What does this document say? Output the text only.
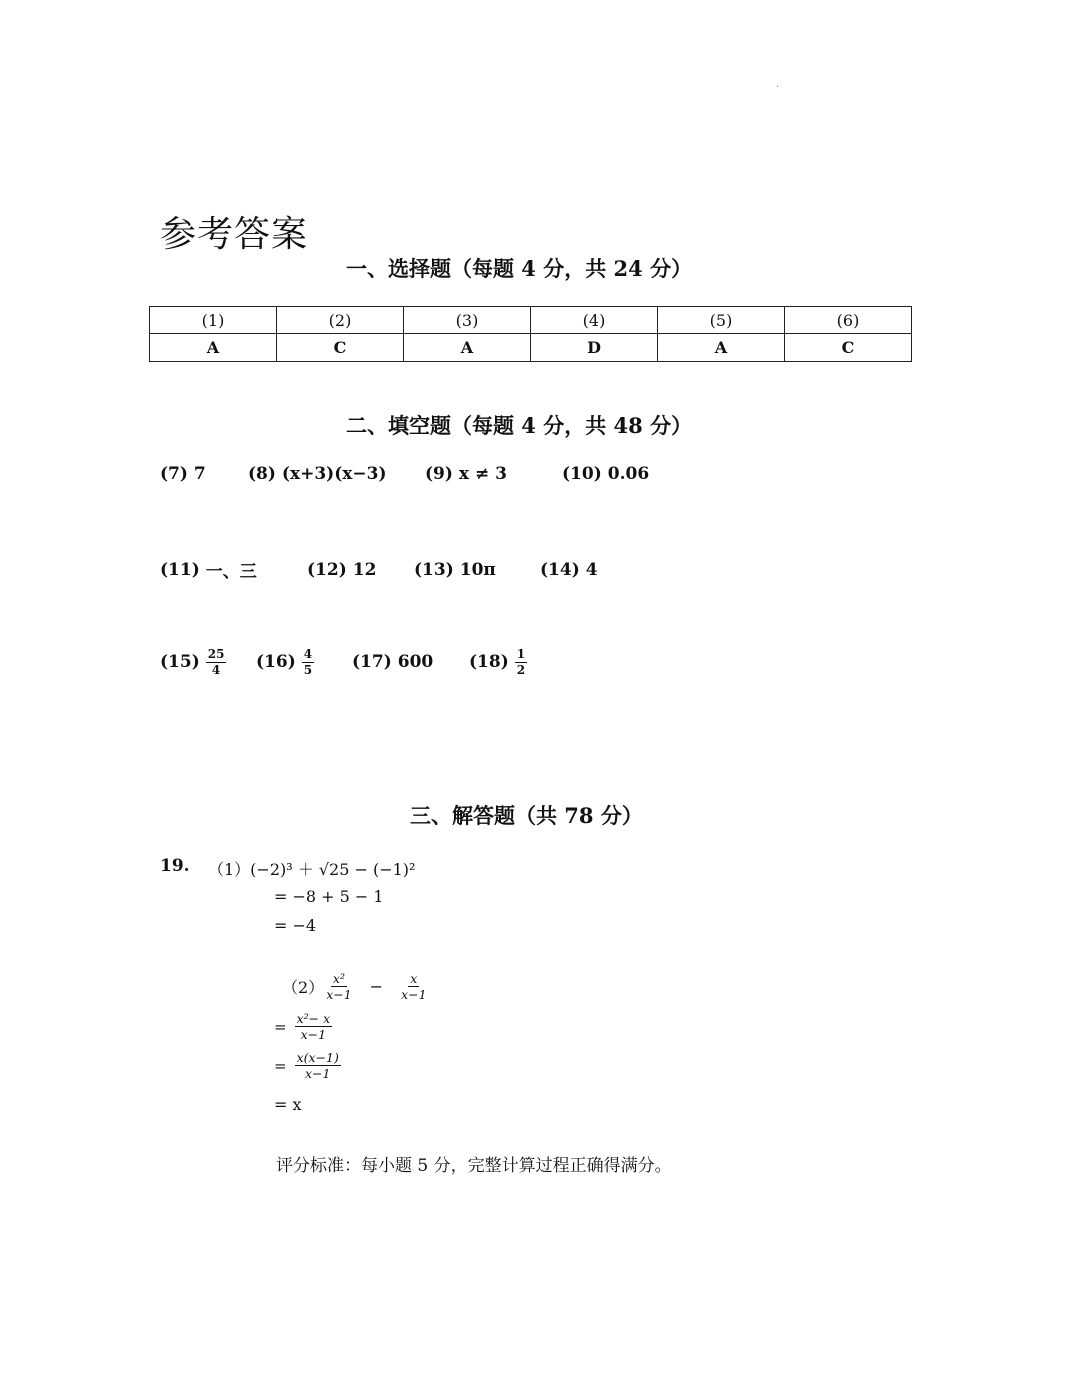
·
参考答案
一、选择题（每题 4 分，共 24 分）
(1)	(2)	(3)	(4)	(5)	(6)
A	C	A	D	A	C
二、填空题（每题 4 分，共 48 分）
(7) 7 (8) (x+3)(x−3) (9) x ≠ 3	(10) 0.06
(11) 一、三	(12) 12 (13) 10π	(14) 4
$(15) \frac{25}{4} (16) \frac{4}{5} (17)$ 600 $(18) \frac{1}{2}$
三、解答题（共 78 分）
19. （1）(−2)³ ＋ √25 − (−1)²
= −8 + 5 − 1
= −4
$(2) \frac{\text{x²}}{x-1} - \frac{x}{x-1}$
= $\frac{\text{x²− x}}{x-1}$
= $\frac{x(x-1)}{x-1}$
= x
评分标准：每小题 5 分，完整计算过程正确得满分。
